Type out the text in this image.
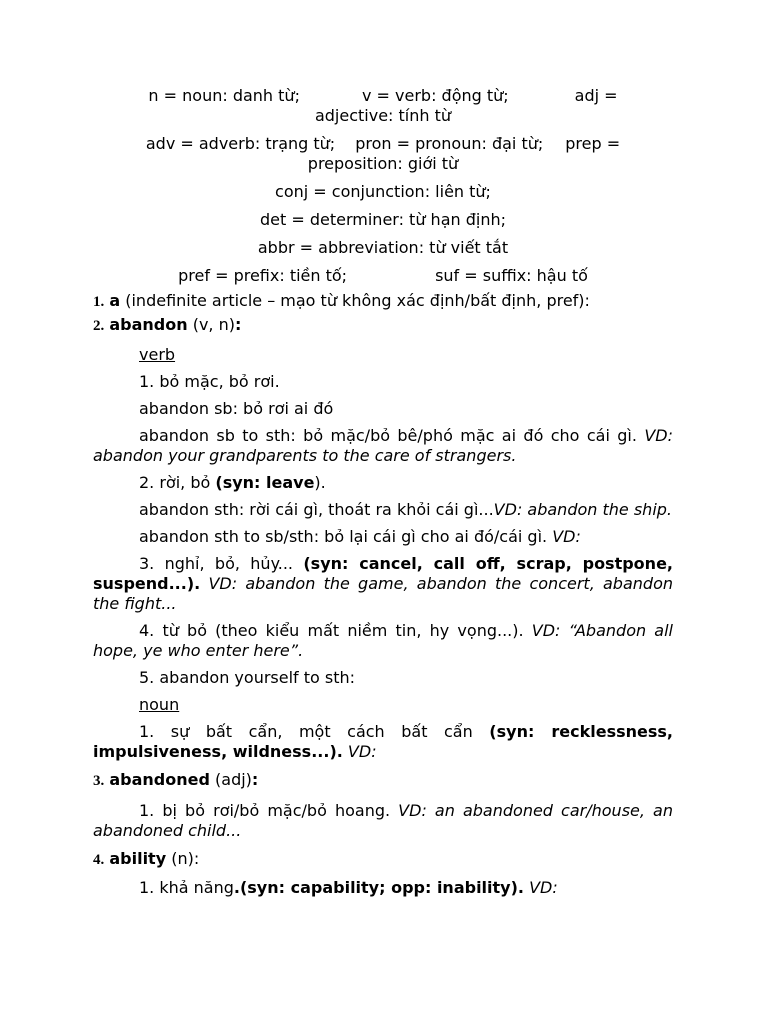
n = noun: danh từ;	v = verb: động từ;	adj =
adjective: tính từ
adv = adverb: trạng từ; pron = pronoun: đại từ; prep =
preposition: giới từ
conj = conjunction: liên từ;
det = determiner: từ hạn định;
abbr = abbreviation: từ viết tắt
pref = prefix: tiền tố;	suf = suffix: hậu tố

1. a (indefinite article – mạo từ không xác định/bất định, pref):

2. abandon (v, n):

verb

1. bỏ mặc, bỏ rơi.

abandon sb: bỏ rơi ai đó

abandon sb to sth: bỏ mặc/bỏ bê/phó mặc ai đó cho cái gì. VD: abandon your grandparents to the care of strangers.

2. rời, bỏ (syn: leave).

abandon sth: rời cái gì, thoát ra khỏi cái gì...VD: abandon the ship.

abandon sth to sb/sth: bỏ lại cái gì cho ai đó/cái gì. VD:

3. nghỉ, bỏ, hủy... (syn: cancel, call off, scrap, postpone, suspend...). VD: abandon the game, abandon the concert, abandon the fight...

4. từ bỏ (theo kiểu mất niềm tin, hy vọng...). VD: “Abandon all hope, ye who enter here”.

5. abandon yourself to sth:

noun

1. sự bất cẩn, một cách bất cẩn (syn: recklessness, impulsiveness, wildness...). VD:

3. abandoned (adj):

1. bị bỏ rơi/bỏ mặc/bỏ hoang. VD: an abandoned car/house, an abandoned child...

4. ability (n):

1. khả năng.(syn: capability; opp: inability). VD:
